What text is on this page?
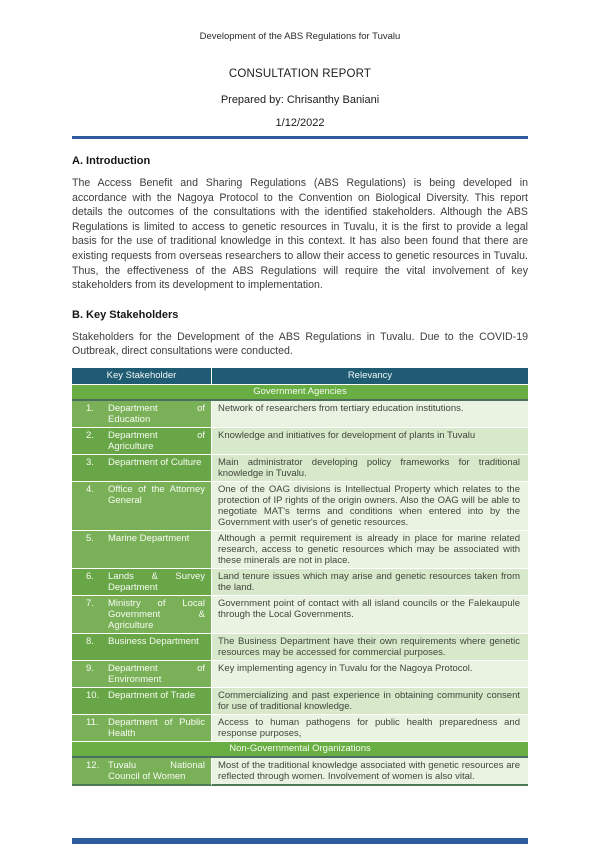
Development of the ABS Regulations for Tuvalu
CONSULTATION REPORT
Prepared by: Chrisanthy Baniani
1/12/2022
A. Introduction
The Access Benefit and Sharing Regulations (ABS Regulations) is being developed in accordance with the Nagoya Protocol to the Convention on Biological Diversity. This report details the outcomes of the consultations with the identified stakeholders. Although the ABS Regulations is limited to access to genetic resources in Tuvalu, it is the first to provide a legal basis for the use of traditional knowledge in this context. It has also been found that there are existing requests from overseas researchers to allow their access to genetic resources in Tuvalu. Thus, the effectiveness of the ABS Regulations will require the vital involvement of key stakeholders from its development to implementation.
B. Key Stakeholders
Stakeholders for the Development of the ABS Regulations in Tuvalu. Due to the COVID-19 Outbreak, direct consultations were conducted.
Key Stakeholder	Relevancy
Government Agencies	

1. Department of Education	Network of researchers from tertiary education institutions.

2. Department of Agriculture	Knowledge and initiatives for development of plants in Tuvalu

3. Department of Culture	Main administrator developing policy frameworks for traditional knowledge in Tuvalu.

4. Office of the Attorney General	One of the OAG divisions is Intellectual Property which relates to the protection of IP rights of the origin owners. Also the OAG will be able to negotiate MAT's terms and conditions when entered into by the Government with user's of genetic resources.

5. Marine Department	Although a permit requirement is already in place for marine related research, access to genetic resources which may be associated with these minerals are not in place.

6. Lands & Survey Department	Land tenure issues which may arise and genetic resources taken from the land.

7. Ministry of Local Government & Agriculture	Government point of contact with all island councils or the Falekaupule through the Local Governments.

8. Business Department	The Business Department have their own requirements where genetic resources may be accessed for commercial purposes.

9. Department of Environment	Key implementing agency in Tuvalu for the Nagoya Protocol.

10. Department of Trade	Commercializing and past experience in obtaining community consent for use of traditional knowledge.

11. Department of Public Health	Access to human pathogens for public health preparedness and response purposes,
Non-Governmental Organizations	

12. Tuvalu National Council of Women	Most of the traditional knowledge associated with genetic resources are reflected through women. Involvement of women is also vital.
